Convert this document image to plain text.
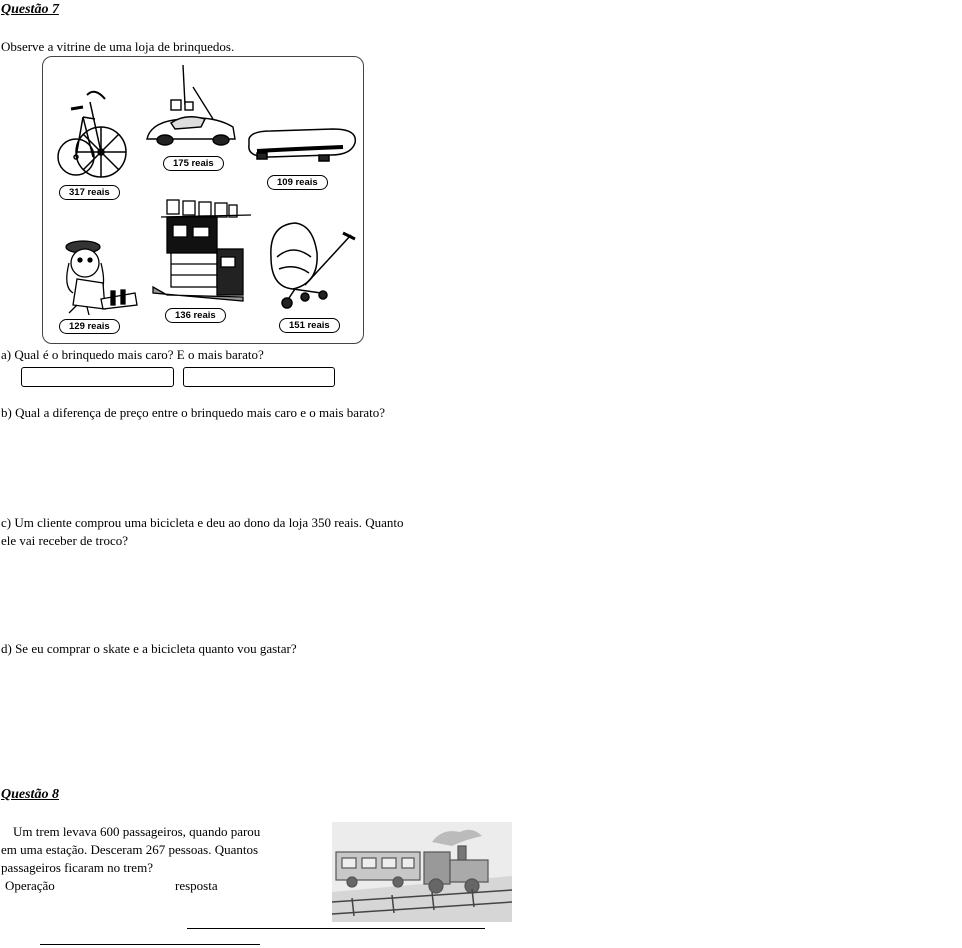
Questão 7
Observe a vitrine de uma loja de brinquedos.
317 reais
175 reais
109 reais
129 reais
136 reais
151 reais
a) Qual é o brinquedo mais caro? E o mais barato?
b) Qual a diferença de preço entre o brinquedo mais caro e o mais barato?
c) Um cliente comprou uma bicicleta e deu ao dono da loja 350 reais. Quanto
ele vai receber de troco?
d) Se eu comprar o skate e a bicicleta quanto vou gastar?
Questão 8
Um trem levava 600 passageiros, quando parou
em uma estação. Desceram 267 pessoas. Quantos
passageiros ficaram no trem?
Operação	resposta
